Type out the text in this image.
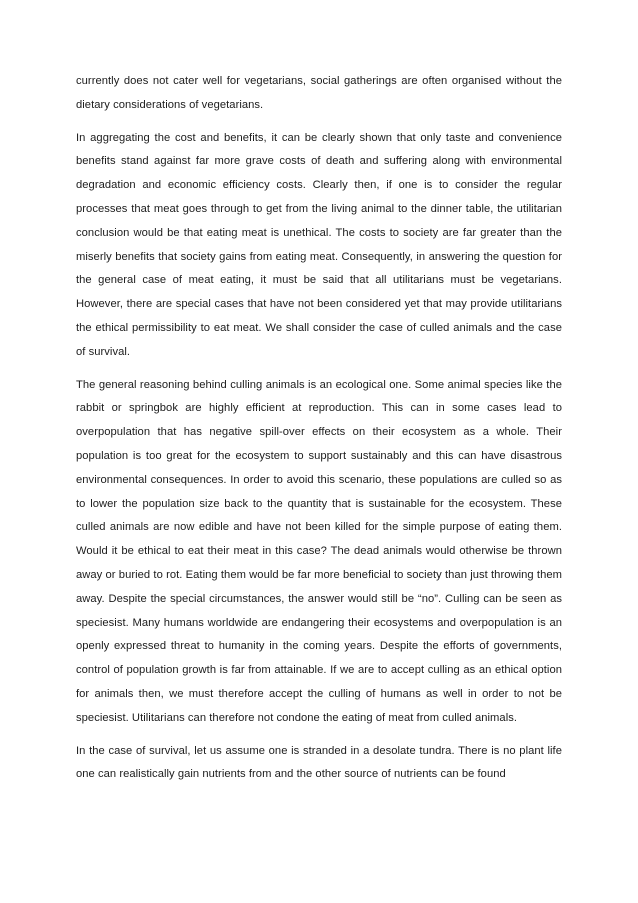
currently does not cater well for vegetarians, social gatherings are often organised without the dietary considerations of vegetarians.

In aggregating the cost and benefits, it can be clearly shown that only taste and convenience benefits stand against far more grave costs of death and suffering along with environmental degradation and economic efficiency costs. Clearly then, if one is to consider the regular processes that meat goes through to get from the living animal to the dinner table, the utilitarian conclusion would be that eating meat is unethical. The costs to society are far greater than the miserly benefits that society gains from eating meat. Consequently, in answering the question for the general case of meat eating, it must be said that all utilitarians must be vegetarians. However, there are special cases that have not been considered yet that may provide utilitarians the ethical permissibility to eat meat. We shall consider the case of culled animals and the case of survival.

The general reasoning behind culling animals is an ecological one. Some animal species like the rabbit or springbok are highly efficient at reproduction. This can in some cases lead to overpopulation that has negative spill-over effects on their ecosystem as a whole. Their population is too great for the ecosystem to support sustainably and this can have disastrous environmental consequences. In order to avoid this scenario, these populations are culled so as to lower the population size back to the quantity that is sustainable for the ecosystem. These culled animals are now edible and have not been killed for the simple purpose of eating them. Would it be ethical to eat their meat in this case? The dead animals would otherwise be thrown away or buried to rot. Eating them would be far more beneficial to society than just throwing them away. Despite the special circumstances, the answer would still be “no”. Culling can be seen as speciesist. Many humans worldwide are endangering their ecosystems and overpopulation is an openly expressed threat to humanity in the coming years. Despite the efforts of governments, control of population growth is far from attainable. If we are to accept culling as an ethical option for animals then, we must therefore accept the culling of humans as well in order to not be speciesist. Utilitarians can therefore not condone the eating of meat from culled animals.

In the case of survival, let us assume one is stranded in a desolate tundra. There is no plant life one can realistically gain nutrients from and the other source of nutrients can be found
